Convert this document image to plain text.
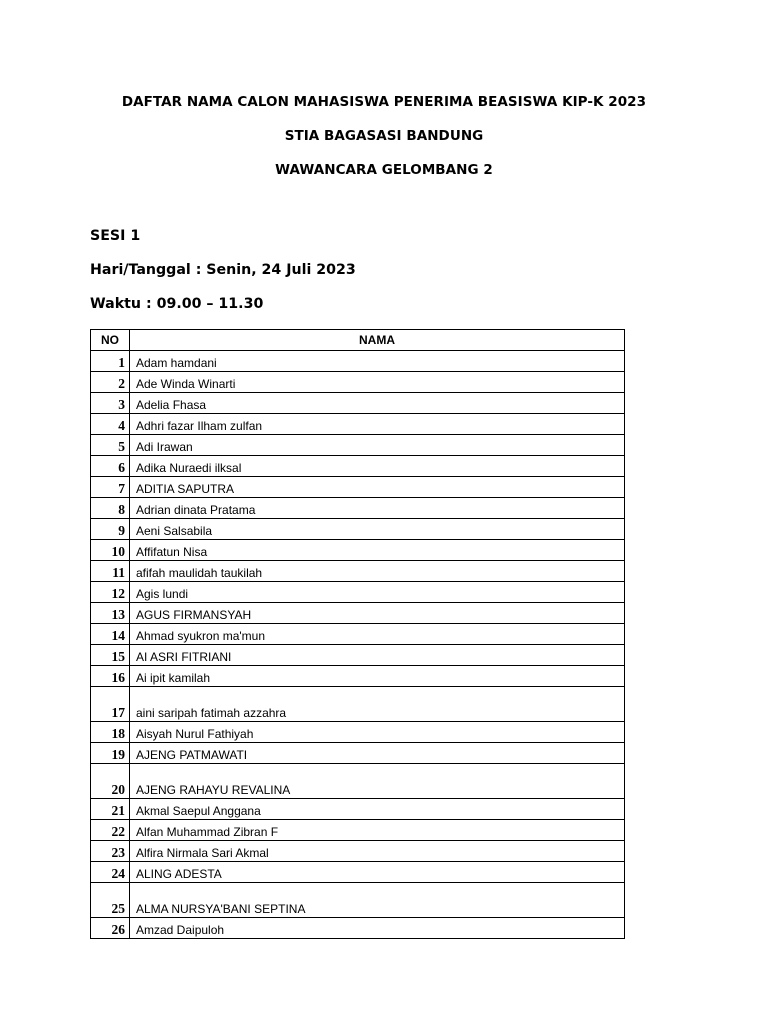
DAFTAR NAMA CALON MAHASISWA PENERIMA BEASISWA KIP-K 2023
STIA BAGASASI BANDUNG
WAWANCARA GELOMBANG 2
SESI 1
Hari/Tanggal : Senin, 24 Juli 2023
Waktu : 09.00 – 11.30
NO	NAMA
1	Adam hamdani
2	Ade Winda Winarti
3	Adelia Fhasa
4	Adhri fazar Ilham zulfan
5	Adi Irawan
6	Adika Nuraedi ilksal
7	ADITIA SAPUTRA
8	Adrian dinata Pratama
9	Aeni Salsabila
10	Affifatun Nisa
11	afifah maulidah taukilah
12	Agis lundi
13	AGUS FIRMANSYAH
14	Ahmad syukron ma'mun
15	AI ASRI FITRIANI
16	Ai ipit kamilah
17	aini saripah fatimah azzahra
18	Aisyah Nurul Fathiyah
19	AJENG PATMAWATI
20	AJENG RAHAYU REVALINA
21	Akmal Saepul Anggana
22	Alfan Muhammad Zibran F
23	Alfira Nirmala Sari Akmal
24	ALING ADESTA
25	ALMA NURSYA'BANI SEPTINA
26	Amzad Daipuloh
